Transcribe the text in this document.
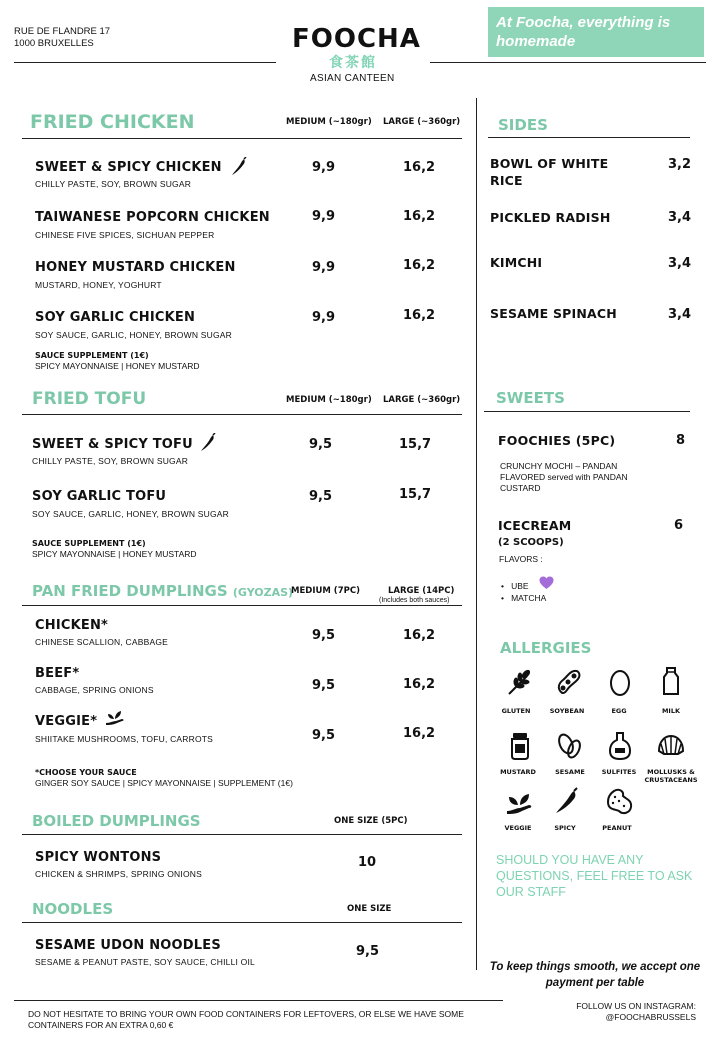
RUE DE FLANDRE 17
1000 BRUXELLES	FOOCHA
食茶館
ASIAN CANTEEN
At Foocha, everything is homemade
FRIED CHICKEN	MEDIUM (~180gr) LARGE (~360gr)
SWEET & SPICY CHICKEN
CHILLY PASTE, SOY, BROWN SUGAR
9,9	16,2
TAIWANESE POPCORN CHICKEN
CHINESE FIVE SPICES, SICHUAN PEPPER
9,9	16,2
HONEY MUSTARD CHICKEN
MUSTARD, HONEY, YOGHURT
9,9	16,2
SOY GARLIC CHICKEN
SOY SAUCE, GARLIC, HONEY, BROWN SUGAR
9,9	16,2
SAUCE SUPPLEMENT (1€)
SPICY MAYONNAISE | HONEY MUSTARD
FRIED TOFU	MEDIUM (~180gr) LARGE (~360gr)
SWEET & SPICY TOFU
CHILLY PASTE, SOY, BROWN SUGAR
9,5	15,7
SOY GARLIC TOFU
SOY SAUCE, GARLIC, HONEY, BROWN SUGAR
9,5	15,7
SAUCE SUPPLEMENT (1€)
SPICY MAYONNAISE | HONEY MUSTARD
PAN FRIED DUMPLINGS (GYOZAS)
MEDIUM (7PC)	LARGE (14PC)
(Includes both sauces)
CHICKEN*
CHINESE SCALLION, CABBAGE	9,5	16,2
BEEF*
CABBAGE, SPRING ONIONS	9,5	16,2
VEGGIE*
SHIITAKE MUSHROOMS, TOFU, CARROTS	9,5	16,2
*CHOOSE YOUR SAUCE
GINGER SOY SAUCE | SPICY MAYONNAISE | SUPPLEMENT (1€)
BOILED DUMPLINGS	ONE SIZE (5PC)
SPICY WONTONS
CHICKEN & SHRIMPS, SPRING ONIONS
10
NOODLES	ONE SIZE
SESAME UDON NOODLES
SESAME & PEANUT PASTE, SOY SAUCE, CHILLI OIL
9,5
SIDES
BOWL OF WHITE RICE
3,2
PICKLED RADISH	3,4
KIMCHI	3,4
SESAME SPINACH	3,4
SWEETS
FOOCHIES (5PC)	8
CRUNCHY MOCHI – PANDAN FLAVORED served with PANDAN CUSTARD
ICECREAM	6
(2 SCOOPS)
FLAVORS :
•   UBE
•   MATCHA
ALLERGIES
GLUTEN	SOYBEAN	EGG	MILK
MUSTARD	SESAME	SULFITES	MOLLUSKS & CRUSTACEANS
VEGGIE	SPICY	PEANUT
SHOULD YOU HAVE ANY QUESTIONS, FEEL FREE TO ASK OUR STAFF
To keep things smooth, we accept one payment per table
DO NOT HESITATE TO BRING YOUR OWN FOOD CONTAINERS FOR LEFTOVERS, OR ELSE WE HAVE SOME CONTAINERS FOR AN EXTRA 0,60 €
FOLLOW US ON INSTAGRAM:
@FOOCHABRUSSELS
